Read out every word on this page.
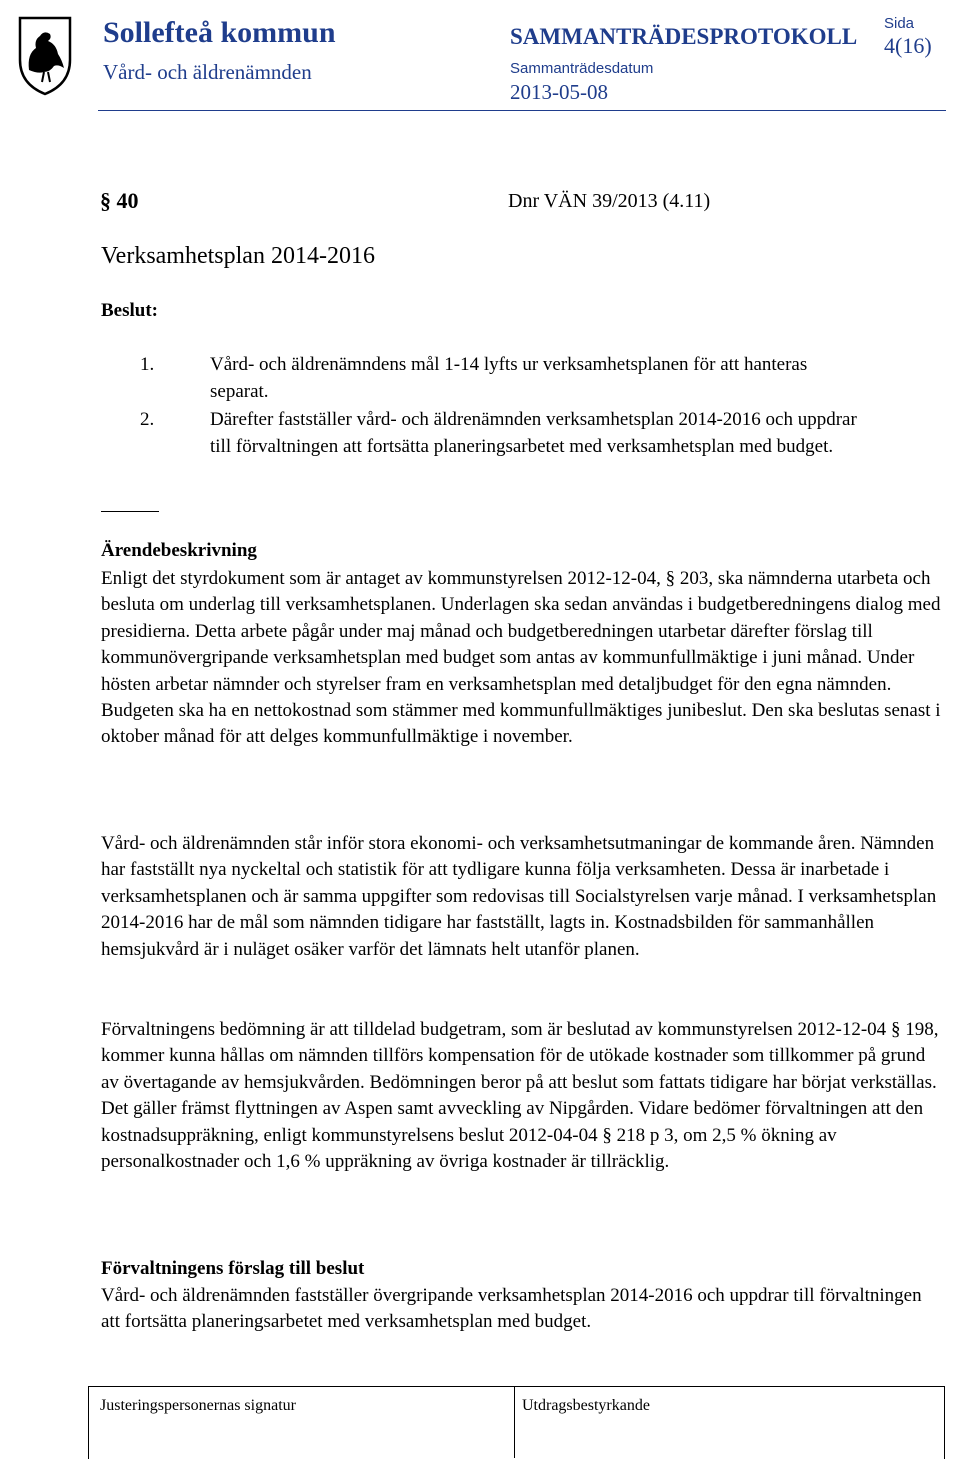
Sollefteå kommun
Vård- och äldrenämnden
SAMMANTRÄDESPROTOKOLL
Sammanträdesdatum
2013-05-08
Sida
4(16)
§ 40	Dnr VÄN 39/2013 (4.11)
Verksamhetsplan 2014-2016
Beslut:
1.	Vård- och äldrenämndens mål 1-14 lyfts ur verksamhetsplanen för att hanteras separat.
2.	Därefter fastställer vård- och äldrenämnden verksamhetsplan 2014-2016 och uppdrar till förvaltningen att fortsätta planeringsarbetet med verksamhetsplan med budget.
Ärendebeskrivning
Enligt det styrdokument som är antaget av kommunstyrelsen 2012-12-04, § 203, ska nämnderna utarbeta och besluta om underlag till verksamhetsplanen. Underlagen ska sedan användas i budgetberedningens dialog med presidierna. Detta arbete pågår under maj månad och budgetberedningen utarbetar därefter förslag till kommunövergripande verksamhetsplan med budget som antas av kommunfullmäktige i juni månad. Under hösten arbetar nämnder och styrelser fram en verksamhetsplan med detaljbudget för den egna nämnden. Budgeten ska ha en nettokostnad som stämmer med kommunfullmäktiges junibeslut. Den ska beslutas senast i oktober månad för att delges kommunfullmäktige i november.
Vård- och äldrenämnden står inför stora ekonomi- och verksamhetsutmaningar de kommande åren. Nämnden har fastställt nya nyckeltal och statistik för att tydligare kunna följa verksamheten. Dessa är inarbetade i verksamhetsplanen och är samma uppgifter som redovisas till Socialstyrelsen varje månad. I verksamhetsplan 2014-2016 har de mål som nämnden tidigare har fastställt, lagts in. Kostnadsbilden för sammanhållen hemsjukvård är i nuläget osäker varför det lämnats helt utanför planen.
Förvaltningens bedömning är att tilldelad budgetram, som är beslutad av kommunstyrelsen 2012-12-04 § 198, kommer kunna hållas om nämnden tillförs kompensation för de utökade kostnader som tillkommer på grund av övertagande av hemsjukvården. Bedömningen beror på att beslut som fattats tidigare har börjat verkställas. Det gäller främst flyttningen av Aspen samt avveckling av Nipgården. Vidare bedömer förvaltningen att den kostnadsuppräkning, enligt kommunstyrelsens beslut 2012-04-04 § 218 p 3, om 2,5 % ökning av personalkostnader och 1,6 % uppräkning av övriga kostnader är tillräcklig.
Förvaltningens förslag till beslut
Vård- och äldrenämnden fastställer övergripande verksamhetsplan 2014-2016 och uppdrar till förvaltningen att fortsätta planeringsarbetet med verksamhetsplan med budget.
Justeringspersonernas signatur	Utdragsbestyrkande
